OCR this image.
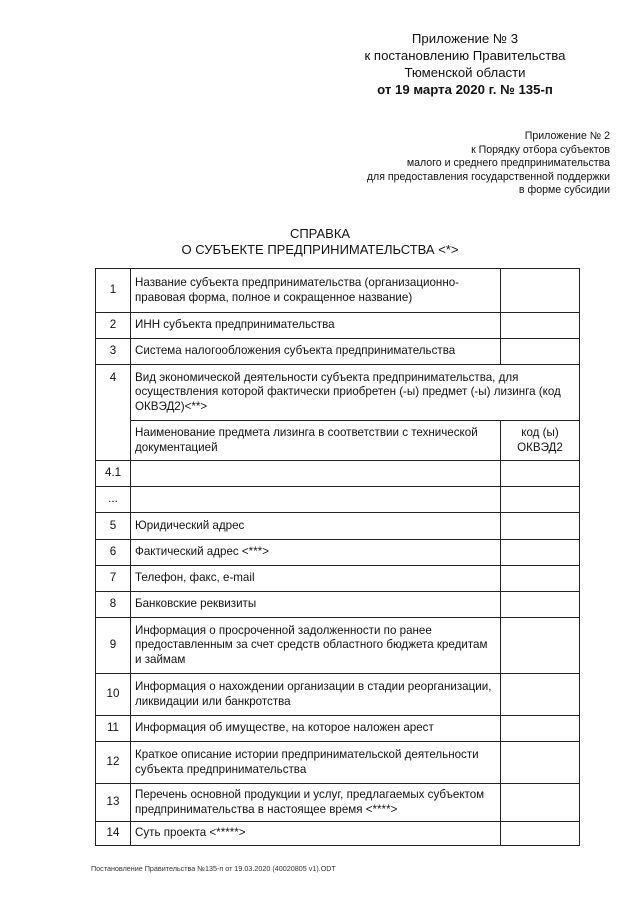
Приложение № 3
к постановлению Правительства
Тюменской области
от 19 марта 2020 г. № 135-п
Приложение № 2
к Порядку отбора субъектов
малого и среднего предпринимательства
для предоставления государственной поддержки
в форме субсидии
СПРАВКА
О СУБЪЕКТЕ ПРЕДПРИНИМАТЕЛЬСТВА <*>
1	Название субъекта предпринимательства (организационно-правовая форма, полное и сокращенное название)	
2	ИНН субъекта предпринимательства	
3	Система налогообложения субъекта предпринимательства	
4	Вид экономической деятельности субъекта предпринимательства, для осуществления которой фактически приобретен (-ы) предмет (-ы) лизинга (код ОКВЭД2)<**>	
	Наименование предмета лизинга в соответствии с технической документацией	код (ы) ОКВЭД2
4.1		
...		
5	Юридический адрес	
6	Фактический адрес <***>	
7	Телефон, факс, e-mail	
8	Банковские реквизиты	
9	Информация о просроченной задолженности по ранее предоставленным за счет средств областного бюджета кредитам и займам	
10	Информация о нахождении организации в стадии реорганизации, ликвидации или банкротства	
11	Информация об имуществе, на которое наложен арест	
12	Краткое описание истории предпринимательской деятельности субъекта предпринимательства	
13	Перечень основной продукции и услуг, предлагаемых субъектом предпринимательства в настоящее время <****>	
14	Суть проекта <*****>	
Постановление Правительства №135-п от 19.03.2020 (40020805 v1).ODT
